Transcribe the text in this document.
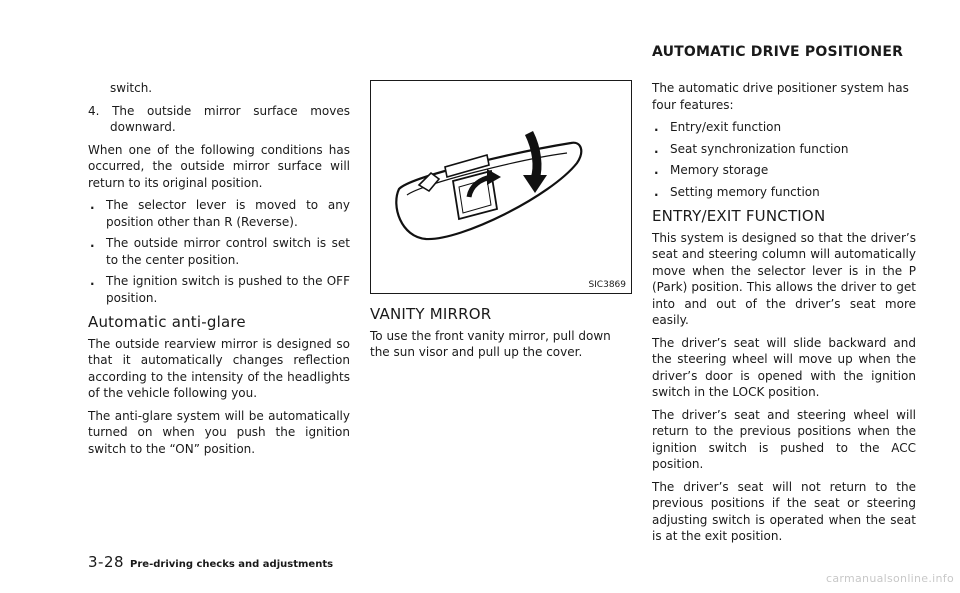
AUTOMATIC DRIVE POSITIONER

switch.

4. The outside mirror surface moves downward.

When one of the following conditions has occurred, the outside mirror surface will return to its original position.

. The selector lever is moved to any position other than R (Reverse).
. The outside mirror control switch is set to the center position.
. The ignition switch is pushed to the OFF position.
Automatic anti-glare

The outside rearview mirror is designed so that it automatically changes reflection according to the intensity of the headlights of the vehicle following you.

The anti-glare system will be automatically turned on when you push the ignition switch to the “ON” position.

SIC3869
VANITY MIRROR

To use the front vanity mirror, pull down the sun visor and pull up the cover.

The automatic drive positioner system has four features:

. Entry/exit function
. Seat synchronization function
. Memory storage
. Setting memory function
ENTRY/EXIT FUNCTION

This system is designed so that the driver’s seat and steering column will automatically move when the selector lever is in the P (Park) position. This allows the driver to get into and out of the driver’s seat more easily.

The driver’s seat will slide backward and the steering wheel will move up when the driver’s door is opened with the ignition switch in the LOCK position.

The driver’s seat and steering wheel will return to the previous positions when the ignition switch is pushed to the ACC position.

The driver’s seat will not return to the previous positions if the seat or steering adjusting switch is operated when the seat is at the exit position.

3-28 Pre-driving checks and adjustments
carmanualsonline.info
